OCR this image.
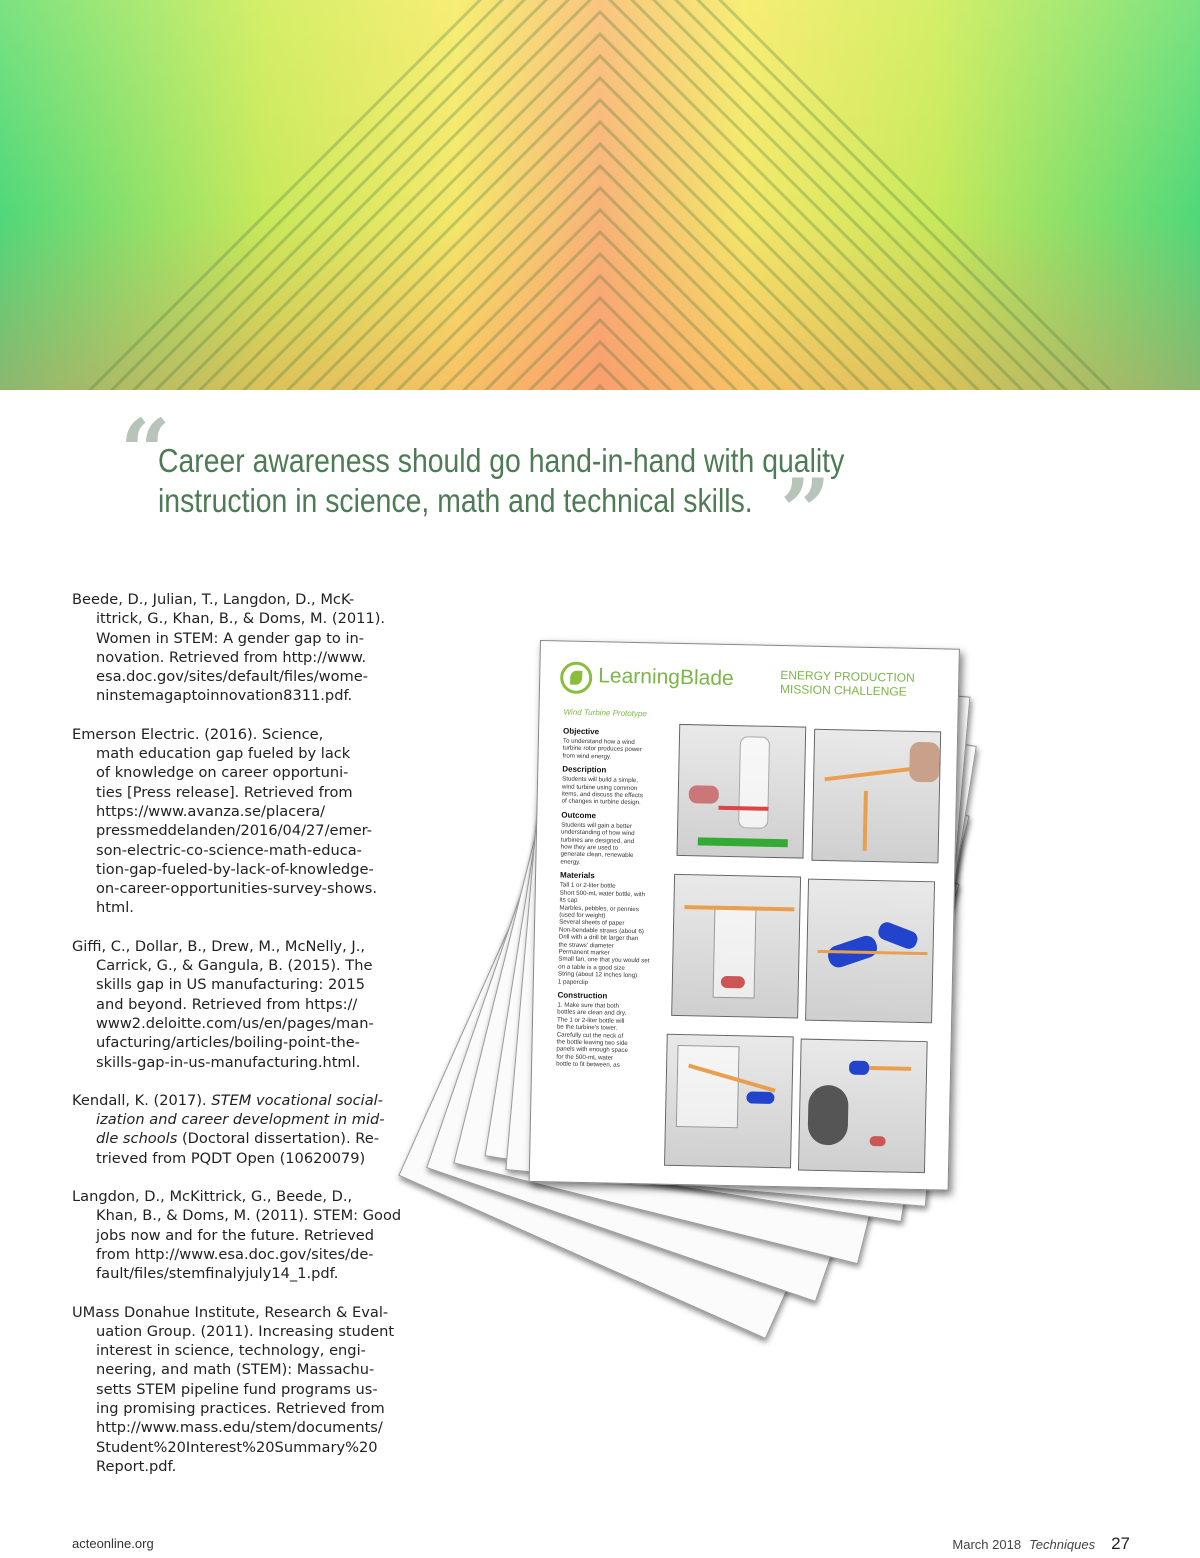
“
”
Career awareness should go hand-in-hand with quality
instruction in science, math and technical skills.

Beede, D., Julian, T., Langdon, D., McK-
ittrick, G., Khan, B., & Doms, M. (2011).
Women in STEM: A gender gap to in-
novation. Retrieved from http://www.
esa.doc.gov/sites/default/files/wome-
ninstemagaptoinnovation8311.pdf.

Emerson Electric. (2016). Science,
math education gap fueled by lack
of knowledge on career opportuni-
ties [Press release]. Retrieved from
https://www.avanza.se/placera/
pressmeddelanden/2016/04/27/emer-
son-electric-co-science-math-educa-
tion-gap-fueled-by-lack-of-knowledge-
on-career-opportunities-survey-shows.
html.

Giffi, C., Dollar, B., Drew, M., McNelly, J.,
Carrick, G., & Gangula, B. (2015). The
skills gap in US manufacturing: 2015
and beyond. Retrieved from https://
www2.deloitte.com/us/en/pages/man-
ufacturing/articles/boiling-point-the-
skills-gap-in-us-manufacturing.html.

Kendall, K. (2017). STEM vocational social-
ization and career development in mid-
dle schools (Doctoral dissertation). Re-
trieved from PQDT Open (10620079)

Langdon, D., McKittrick, G., Beede, D.,
Khan, B., & Doms, M. (2011). STEM: Good
jobs now and for the future. Retrieved
from http://www.esa.doc.gov/sites/de-
fault/files/stemfinalyjuly14_1.pdf.

UMass Donahue Institute, Research & Eval-
uation Group. (2011). Increasing student
interest in science, technology, engi-
neering, and math (STEM): Massachu-
setts STEM pipeline fund programs us-
ing promising practices. Retrieved from
http://www.mass.edu/stem/documents/
Student%20Interest%20Summary%20
Report.pdf.

LearningBlade	ENERGY PRODUCTION
MISSION CHALLENGE
Wind Turbine Prototype
Objective
To understand how a wind
turbine rotor produces power
from wind energy.
Description
Students will build a simple,
wind turbine using common
items, and discuss the effects
of changes in turbine design.
Outcome
Students will gain a better
understanding of how wind
turbines are designed, and
how they are used to
generate clean, renewable
energy.
Materials
Tall 1 or 2-liter bottle
Short 500-mL water bottle, with
its cap
Marbles, pebbles, or pennies
(used for weight)
Several sheets of paper
Non-bendable straws (about 6)
Drill with a drill bit larger than
the straws' diameter
Permanent marker
Small fan, one that you would set
on a table is a good size
String (about 12 inches long)
1 paperclip
Construction
1. Make sure that both
bottles are clean and dry.
The 1 or 2-liter bottle will
be the turbine's tower.
Carefully cut the neck of
the bottle leaving two side
panels with enough space
for the 500-mL water
bottle to fit between, as
acteonline.org	March 2018 Techniques 27
